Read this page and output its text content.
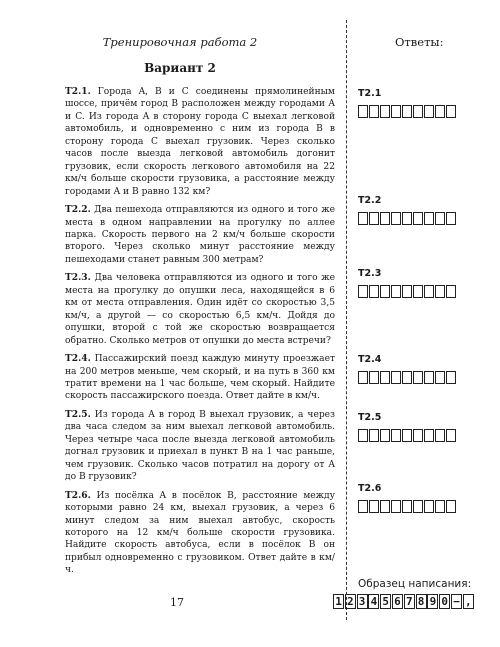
Тренировочная работа 2	Ответы:
Вариант 2

T2.1. Города A, B и C соединены прямолинейным шоссе, причём город B расположен между городами A и C. Из города A в сторону города C выехал легковой автомобиль, и одновременно с ним из города B в сторону города C выехал грузовик. Через сколько часов после выезда легковой автомобиль догонит грузовик, если скорость легкового автомобиля на 22 км/ч больше скорости грузовика, а расстояние между городами A и B равно 132 км?

T2.2. Два пешехода отправляются из одного и того же места в одном направлении на прогулку по аллее парка. Скорость первого на 2 км/ч больше скорости второго. Через сколько минут расстояние между пешеходами станет равным 300 метрам?

T2.3. Два человека отправляются из одного и того же места на прогулку до опушки леса, находящейся в 6 км от места отправления. Один идёт со скоростью 3,5 км/ч, а другой — со скоростью 6,5 км/ч. Дойдя до опушки, второй с той же скоростью возвращается обратно. Сколько метров от опушки до места встречи?

T2.4. Пассажирский поезд каждую минуту проезжает на 200 метров меньше, чем скорый, и на путь в 360 км тратит времени на 1 час больше, чем скорый. Найдите скорость пассажирского поезда. Ответ дайте в км/ч.

T2.5. Из города A в город B выехал грузовик, а через два часа следом за ним выехал легковой автомобиль. Через четыре часа после выезда легковой автомобиль догнал грузовик и приехал в пункт B на 1 час раньше, чем грузовик. Сколько часов потратил на дорогу от A до B грузовик?

T2.6. Из посёлка A в посёлок B, расстояние между которыми равно 24 км, выехал грузовик, а через 6 минут следом за ним выехал автобус, скорость которого на 12 км/ч больше скорости грузовика. Найдите скорость автобуса, если в посёлок B он прибыл одновременно с грузовиком. Ответ дайте в км/ч.

T2.1
T2.2
T2.3
T2.4
T2.5
T2.6
Образец написания:
1 2 3 4 5 6 7 8 9 0 − ,
17
